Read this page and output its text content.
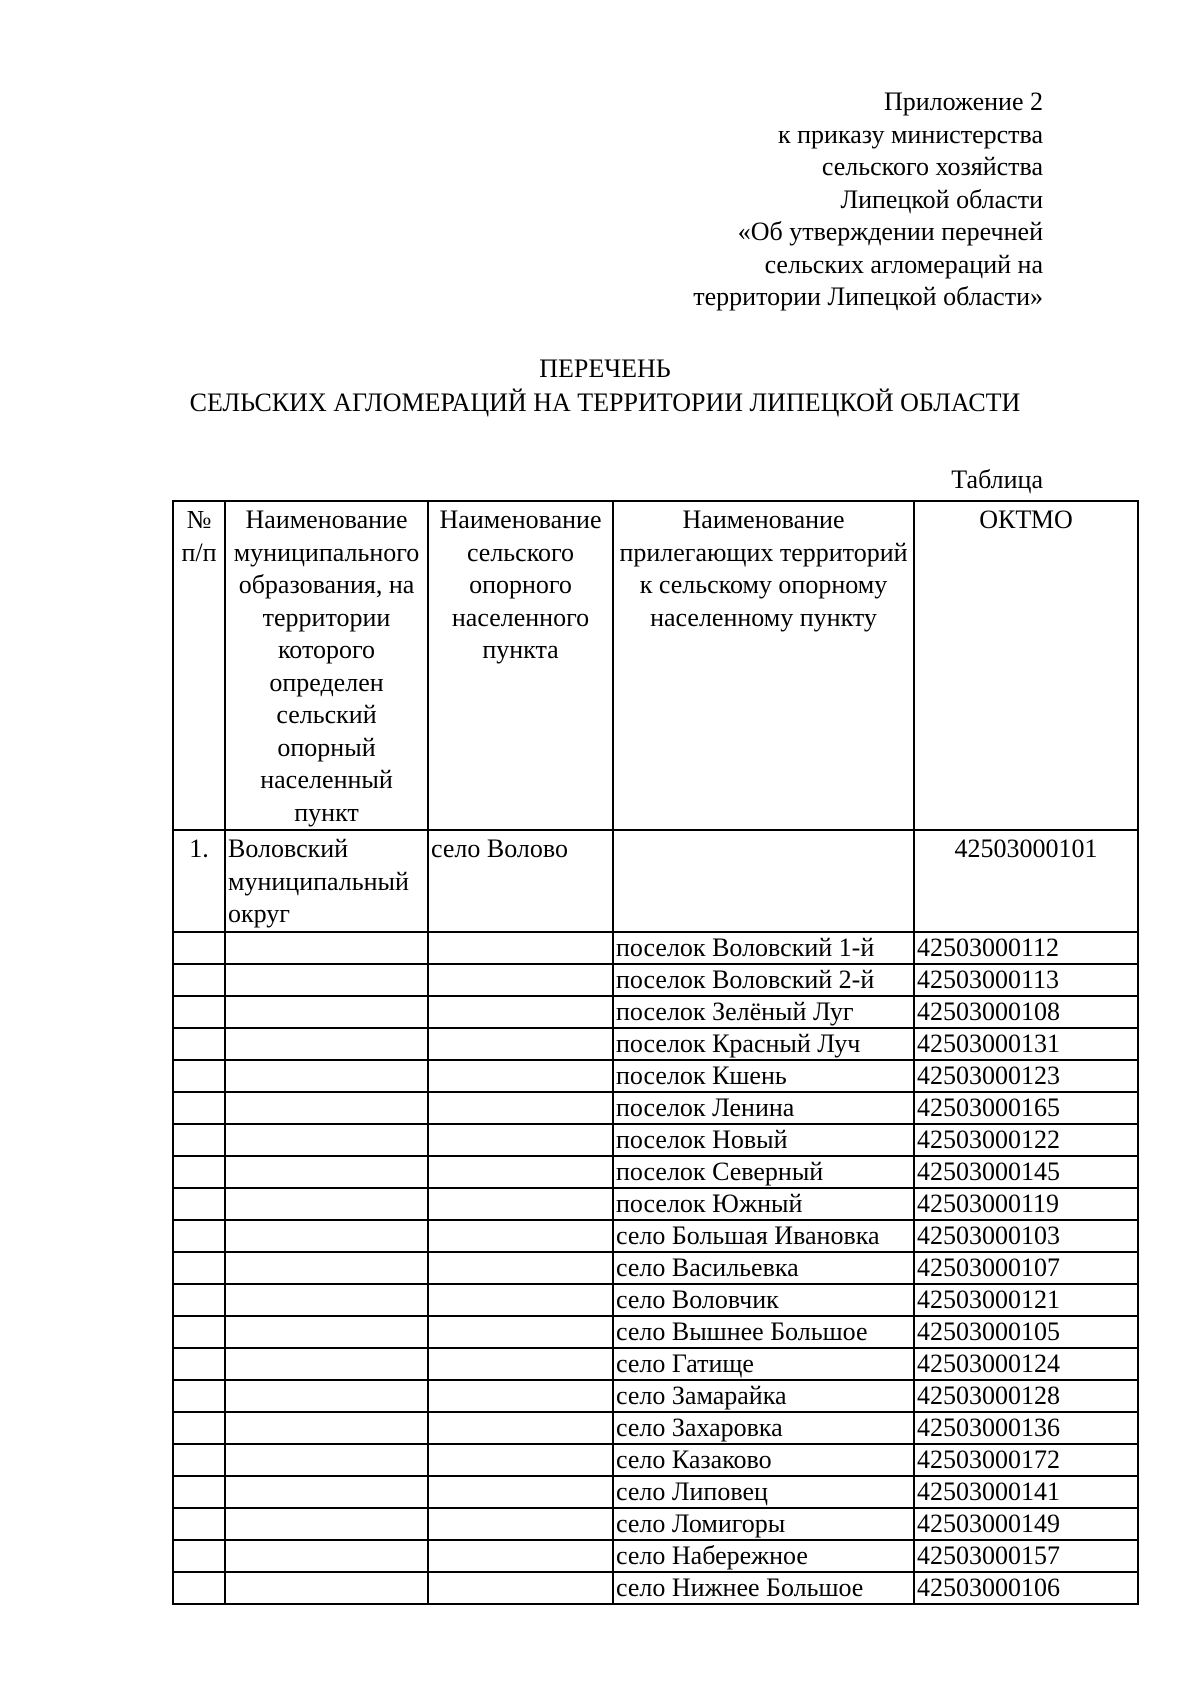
Приложение 2
к приказу министерства
сельского хозяйства
Липецкой области
«Об утверждении перечней
сельских агломераций на
территории Липецкой области»
ПЕРЕЧЕНЬ
СЕЛЬСКИХ АГЛОМЕРАЦИЙ НА ТЕРРИТОРИИ ЛИПЕЦКОЙ ОБЛАСТИ
Таблица
№ п/п	Наименование муниципального образования, на территории которого определен сельский опорный населенный пункт	Наименование сельского опорного населенного пункта	Наименование прилегающих территорий к сельскому опорному населенному пункту	ОКТМО
1.	Воловский муниципальный округ	село Волово		42503000101
			поселок Воловский 1-й	42503000112
			поселок Воловский 2-й	42503000113
			поселок Зелёный Луг	42503000108
			поселок Красный Луч	42503000131
			поселок Кшень	42503000123
			поселок Ленина	42503000165
			поселок Новый	42503000122
			поселок Северный	42503000145
			поселок Южный	42503000119
			село Большая Ивановка	42503000103
			село Васильевка	42503000107
			село Воловчик	42503000121
			село Вышнее Большое	42503000105
			село Гатище	42503000124
			село Замарайка	42503000128
			село Захаровка	42503000136
			село Казаково	42503000172
			село Липовец	42503000141
			село Ломигоры	42503000149
			село Набережное	42503000157
			село Нижнее Большое	42503000106
